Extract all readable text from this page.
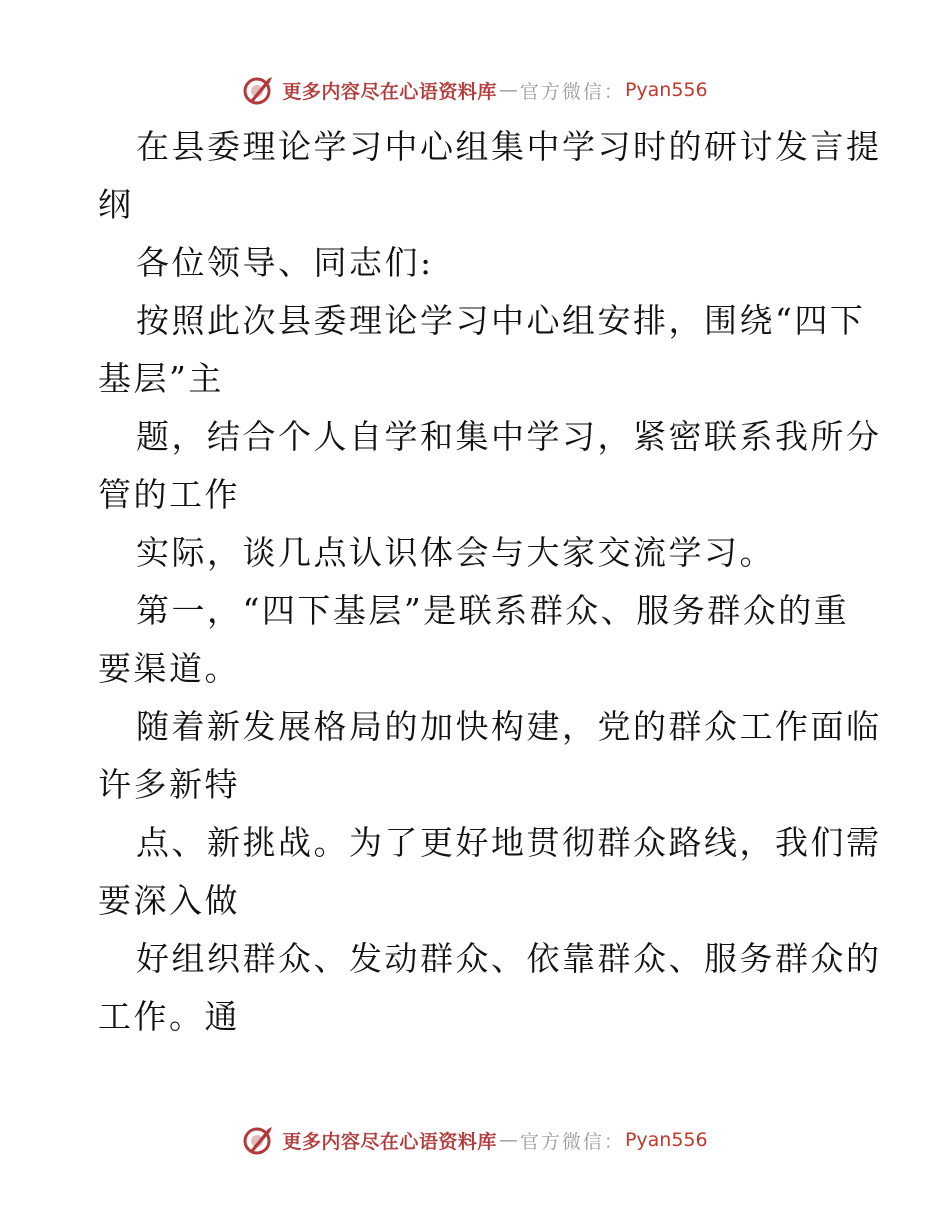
更多内容尽在心语资料库 — 官方微信： Pyan556
在县委理论学习中心组集中学习时的研讨发言提
纲
各位领导、同志们:
按照此次县委理论学习中心组安排，围绕“四下
基层”主
题，结合个人自学和集中学习，紧密联系我所分
管的工作
实际，谈几点认识体会与大家交流学习。
第一，“四下基层”是联系群众、服务群众的重
要渠道。
随着新发展格局的加快构建，党的群众工作面临
许多新特
点、新挑战。为了更好地贯彻群众路线，我们需
要深入做
好组织群众、发动群众、依靠群众、服务群众的
工作。通
更多内容尽在心语资料库 — 官方微信： Pyan556
